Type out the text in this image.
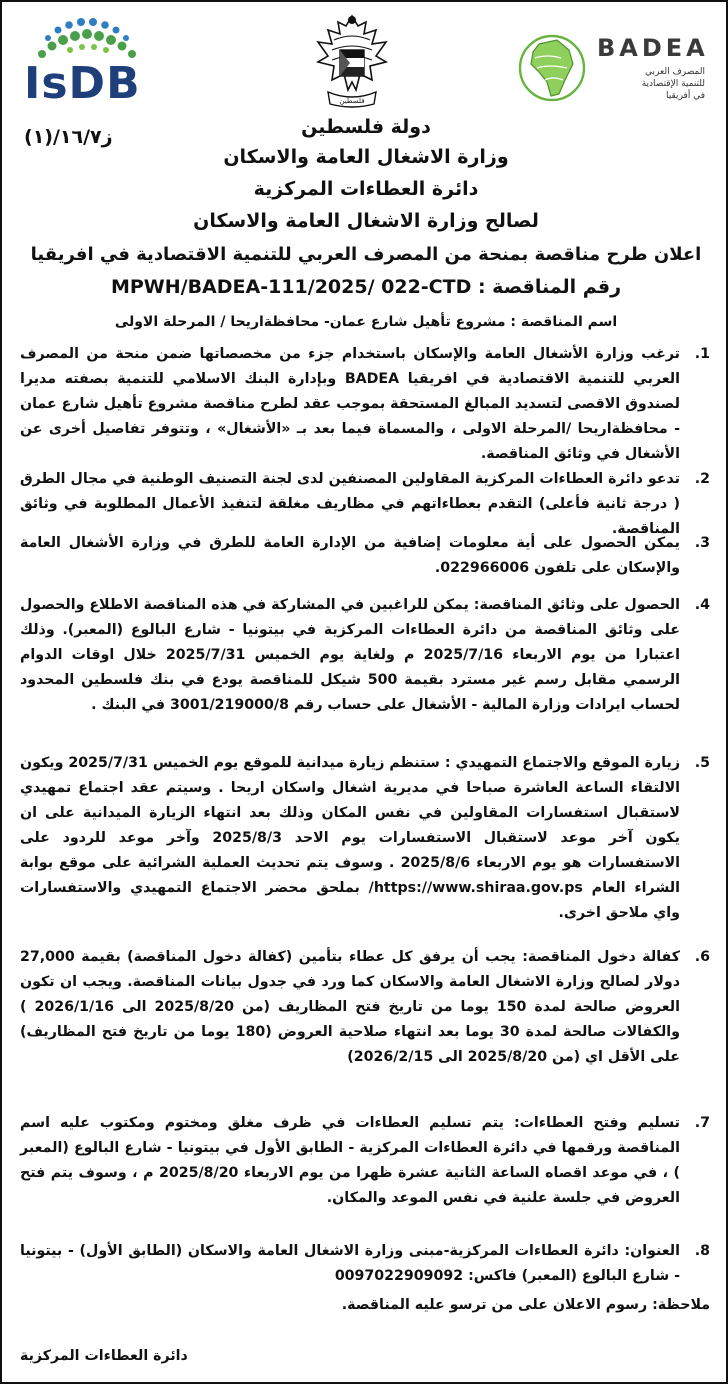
IsDB	فلسطين
BADEA
المصرف العربي
للتنمية الإقتصادية
في أفريقيا
ز١٦/٧/(١)	دولة فلسطين
وزارة الاشغال العامة والاسكان
دائرة العطاءات المركزية
لصالح وزارة الاشغال العامة والاسكان
اعلان طرح مناقصة بمنحة من المصرف العربي للتنمية الاقتصادية في افريقيا
رقم المناقصة : MPWH/BADEA-111/2025/ 022-CTD
اسم المناقصة : مشروع تأهيل شارع عمان- محافظةاريحا / المرحلة الاولى
1.
ترغب وزارة الأشغال العامة والإسكان باستخدام جزء من مخصصاتها ضمن منحة من المصرف العربي للتنمية الاقتصادية في افريقيا BADEA وبإدارة البنك الاسلامي للتنمية بصفته مديرا لصندوق الاقصى لتسديد المبالغ المستحقة بموجب عقد لطرح مناقصة مشروع تأهيل شارع عمان - محافظةاريحا /المرحلة الاولى ، والمسماة فيما بعد بـ «الأشغال» ، وتتوفر تفاصيل أخرى عن الأشغال في وثائق المناقصة.
2.
تدعو دائرة العطاءات المركزية المقاولين المصنفين لدى لجنة التصنيف الوطنية في مجال الطرق ( درجة ثانية فأعلى) التقدم بعطاءاتهم في مظاريف مغلقة لتنفيذ الأعمال المطلوبة في وثائق المناقصة.
3.
يمكن الحصول على أية معلومات إضافية من الإدارة العامة للطرق في وزارة الأشغال العامة والإسكان على تلفون 022966006.
4.
الحصول على وثائق المناقصة: يمكن للراغبين في المشاركة في هذه المناقصة الاطلاع والحصول على وثائق المناقصة من دائرة العطاءات المركزية في بيتونيا - شارع البالوع (المعبر). وذلك اعتبارا من يوم الاربعاء 2025/7/16 م ولغاية يوم الخميس 2025/7/31 خلال اوقات الدوام الرسمي مقابل رسم غير مسترد بقيمة 500 شيكل للمناقصة يودع في بنك فلسطين المحدود لحساب ايرادات وزارة المالية - الأشغال على حساب رقم 3001/219000/8 في البنك .
5.
زيارة الموقع والاجتماع التمهيدي : ستنظم زيارة ميدانية للموقع يوم الخميس 2025/7/31 ويكون الالتقاء الساعة العاشرة صباحا في مديرية اشغال واسكان اريحا . وسيتم عقد اجتماع تمهيدي لاستقبال استفسارات المقاولين في نفس المكان وذلك بعد انتهاء الزيارة الميدانية على ان يكون آخر موعد لاستقبال الاستفسارات يوم الاحد 2025/8/3 وآخر موعد للردود على الاستفسارات هو يوم الاربعاء 2025/8/6 . وسوف يتم تحديث العملية الشرائية على موقع بوابة الشراء العام https://www.shiraa.gov.ps/ بملحق محضر الاجتماع التمهيدي والاستفسارات واي ملاحق اخرى.
6.
كفالة دخول المناقصة: يجب أن يرفق كل عطاء بتأمين (كفالة دخول المناقصة) بقيمة 27,000 دولار لصالح وزارة الاشغال العامة والاسكان كما ورد في جدول بيانات المناقصة. ويجب ان تكون العروض صالحة لمدة 150 يوما من تاريخ فتح المظاريف (من 2025/8/20 الى 2026/1/16 ) والكفالات صالحة لمدة 30 يوما بعد انتهاء صلاحية العروض (180 يوما من تاريخ فتح المظاريف) على الأقل اي (من 2025/8/20 الى 2026/2/15)
7.
تسليم وفتح العطاءات: يتم تسليم العطاءات في ظرف مغلق ومختوم ومكتوب عليه اسم المناقصة ورقمها في دائرة العطاءات المركزية - الطابق الأول في بيتونيا - شارع البالوع (المعبر ) ، في موعد اقصاه الساعة الثانية عشرة ظهرا من يوم الاربعاء 2025/8/20 م ، وسوف يتم فتح العروض في جلسة علنية في نفس الموعد والمكان.
8.
العنوان: دائرة العطاءات المركزية-مبنى وزارة الاشغال العامة والاسكان (الطابق الأول) - بيتونيا - شارع البالوع (المعبر) فاكس: 0097022909092
ملاحظة: رسوم الاعلان على من ترسو عليه المناقصة.
دائرة العطاءات المركزية
